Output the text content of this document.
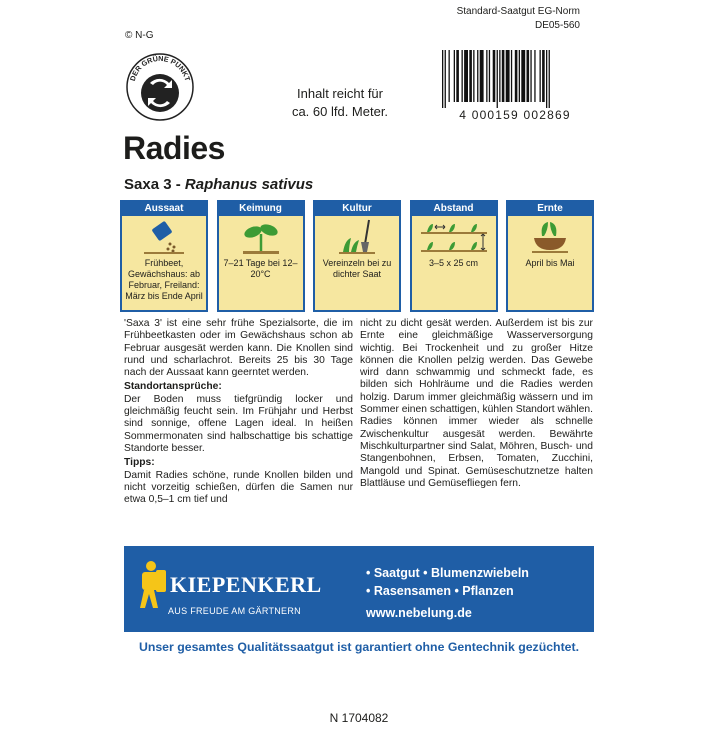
© N-G
Standard-Saatgut EG-Norm
DE05-560
DER GRÜNE PUNKT
Inhalt reicht für
ca. 60 lfd. Meter.	4 000159 002869
Radies
Saxa 3 - Raphanus sativus
Aussaat
Frühbeet, Gewächshaus: ab Februar, Freiland: März bis Ende April
Keimung
7–21 Tage bei 12–20°C
Kultur
Vereinzeln bei zu dichter Saat
Abstand
3–5 x 25 cm
Ernte
April bis Mai

'Saxa 3' ist eine sehr frühe Spezialsorte, die im Frühbeetkasten oder im Gewächshaus schon ab Februar ausgesät werden kann. Die Knollen sind rund und scharlachrot. Bereits 25 bis 30 Tage nach der Aussaat kann geerntet werden.

Standortansprüche:

Der Boden muss tiefgründig locker und gleichmäßig feucht sein. Im Frühjahr und Herbst sind sonnige, offene Lagen ideal. In heißen Sommermonaten sind halbschattige bis schattige Standorte besser.

Tipps:

Damit Radies schöne, runde Knollen bilden und nicht vorzeitig schießen, dürfen die Samen nur etwa 0,5–1 cm tief und

nicht zu dicht gesät werden. Außerdem ist bis zur Ernte eine gleichmäßige Wasserversorgung wichtig. Bei Trockenheit und zu großer Hitze können die Knollen pelzig werden. Das Gewebe wird dann schwammig und schmeckt fade, es bilden sich Hohlräume und die Radies werden holzig. Darum immer gleichmäßig wässern und im Sommer einen schattigen, kühlen Standort wählen. Radies können immer wieder als schnelle Zwischenkultur ausgesät werden. Bewährte Mischkulturpartner sind Salat, Möhren, Busch- und Stangenbohnen, Erbsen, Tomaten, Zucchini, Mangold und Spinat. Gemüseschutznetze halten Blattläuse und Gemüsefliegen fern.

KIEPENKERL
AUS FREUDE AM GÄRTNERN
• Saatgut • Blumenzwiebeln
• Rasensamen • Pflanzen
www.nebelung.de
Unser gesamtes Qualitätssaatgut ist garantiert ohne Gentechnik gezüchtet.
N 1704082
